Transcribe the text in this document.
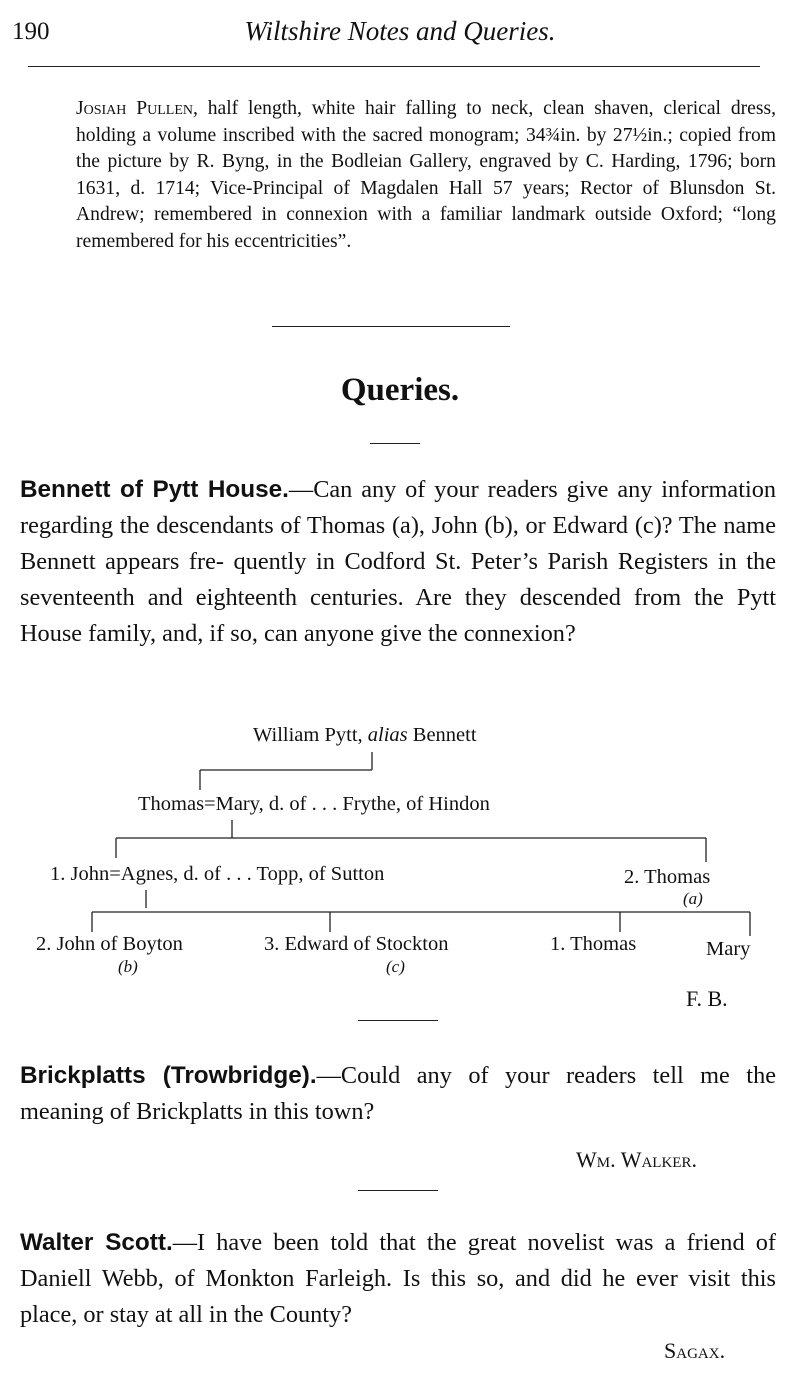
190	Wiltshire Notes and Queries.
Josiah Pullen, half length, white hair falling to neck, clean shaven, clerical dress, holding a volume inscribed with the sacred monogram; 34¾in. by 27½in.; copied from the picture by R. Byng, in the Bodleian Gallery, engraved by C. Harding, 1796; born 1631, d. 1714; Vice-Principal of Magdalen Hall 57 years; Rector of Blunsdon St. Andrew; remembered in connexion with a familiar landmark outside Oxford; “long remembered for his eccentricities”.
Queries.
Bennett of Pytt House.—Can any of your readers give any information regarding the descendants of Thomas (a), John (b), or Edward (c)? The name Bennett appears fre- quently in Codford St. Peter’s Parish Registers in the seventeenth and eighteenth centuries. Are they descended from the Pytt House family, and, if so, can anyone give the connexion?
William Pytt, alias Bennett
Thomas=Mary, d. of . . . Frythe, of Hindon
1. John=Agnes, d. of . . . Topp, of Sutton	2. Thomas
(a)
2. John of Boyton
(b)
3. Edward of Stockton
(c)
1. Thomas	Mary
F. B.
Brickplatts (Trowbridge).—Could any of your readers tell me the meaning of Brickplatts in this town?
Wm. Walker.
Walter Scott.—I have been told that the great novelist was a friend of Daniell Webb, of Monkton Farleigh. Is this so, and did he ever visit this place, or stay at all in the County?
Sagax.
